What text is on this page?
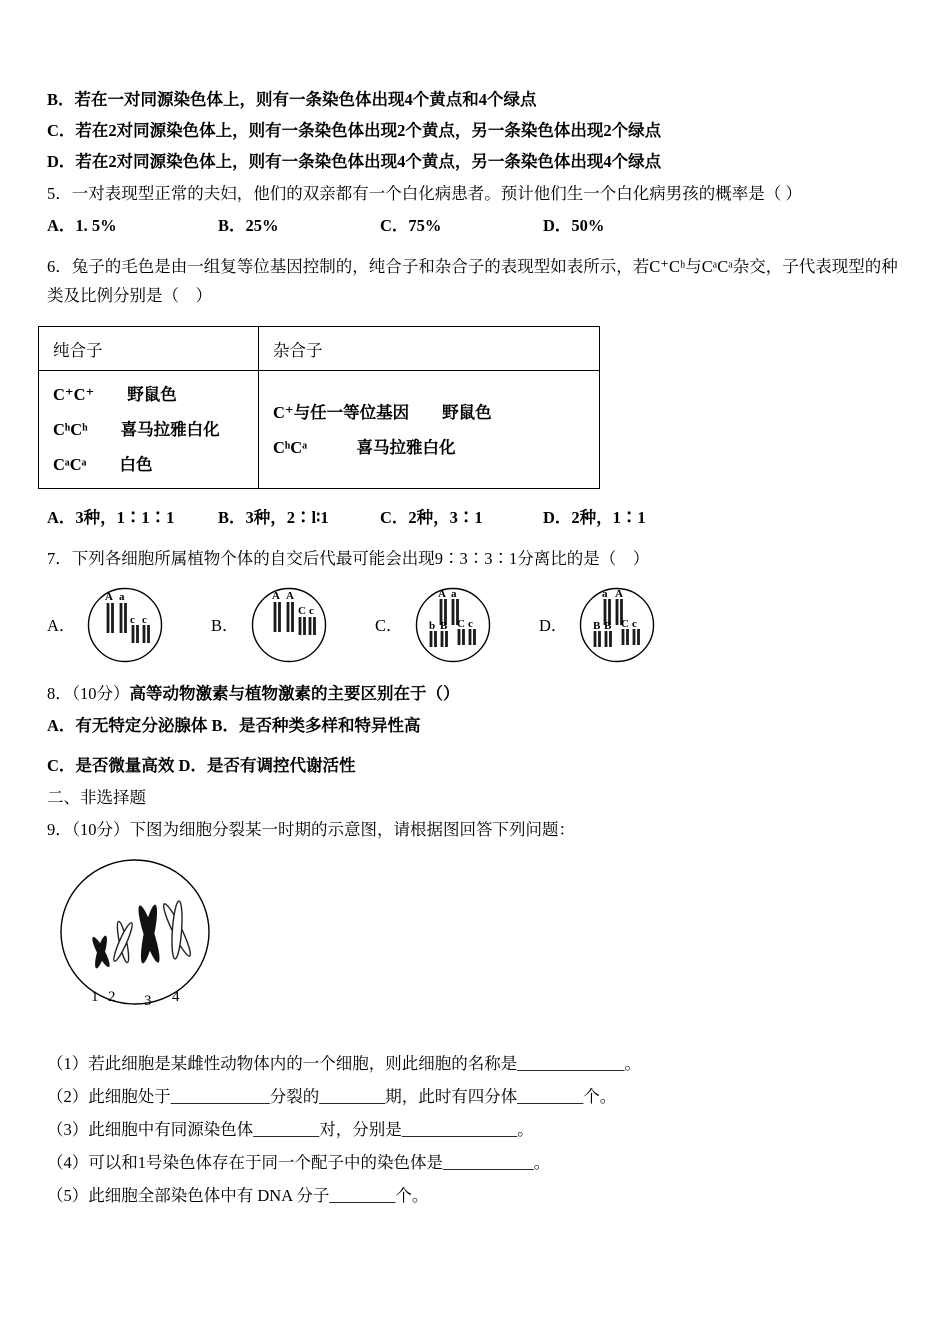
B．若在一对同源染色体上，则有一条染色体出现4个黄点和4个绿点

C．若在2对同源染色体上，则有一条染色体出现2个黄点，另一条染色体出现2个绿点

D．若在2对同源染色体上，则有一条染色体出现4个黄点，另一条染色体出现4个绿点

5．一对表现型正常的夫妇，他们的双亲都有一个白化病患者。预计他们生一个白化病男孩的概率是（ ）

A．1. 5%	B．25%	C．75%	D．50%

6．兔子的毛色是由一组复等位基因控制的，纯合子和杂合子的表现型如表所示，若C⁺Cʰ与CᵃCᵃ杂交，子代表现型的种类及比例分别是（　）

纯合子	杂合子

C⁺C⁺　　野鼠色
CʰCʰ　　喜马拉雅白化
CᵃCᵃ　　白色

C⁺与任一等位基因　　野鼠色
CʰCᵃ　　　喜马拉雅白化

A．3种，1∶1∶1	B．3种，2∶l∶1	C．2种，3∶1	D．2种，1∶1

7．下列各细胞所属植物个体的自交后代最可能会出现9∶3∶3∶1分离比的是（　）

A．
A a
c c	B．
A A
C c
C．
A a
b B C c	D．
a A
B B C c

8．（10分）高等动物激素与植物激素的主要区别在于（）

A．有无特定分泌腺体 B．是否种类多样和特异性高

C．是否微量高效 D．是否有调控代谢活性

二、非选择题

9．（10分）下图为细胞分裂某一时期的示意图，请根据图回答下列问题：

1 2 3 4

（1）若此细胞是某雌性动物体内的一个细胞，则此细胞的名称是_____________。

（2）此细胞处于____________分裂的________期，此时有四分体________个。

（3）此细胞中有同源染色体________对，分别是______________。

（4）可以和1号染色体存在于同一个配子中的染色体是___________。

（5）此细胞全部染色体中有 DNA 分子________个。
